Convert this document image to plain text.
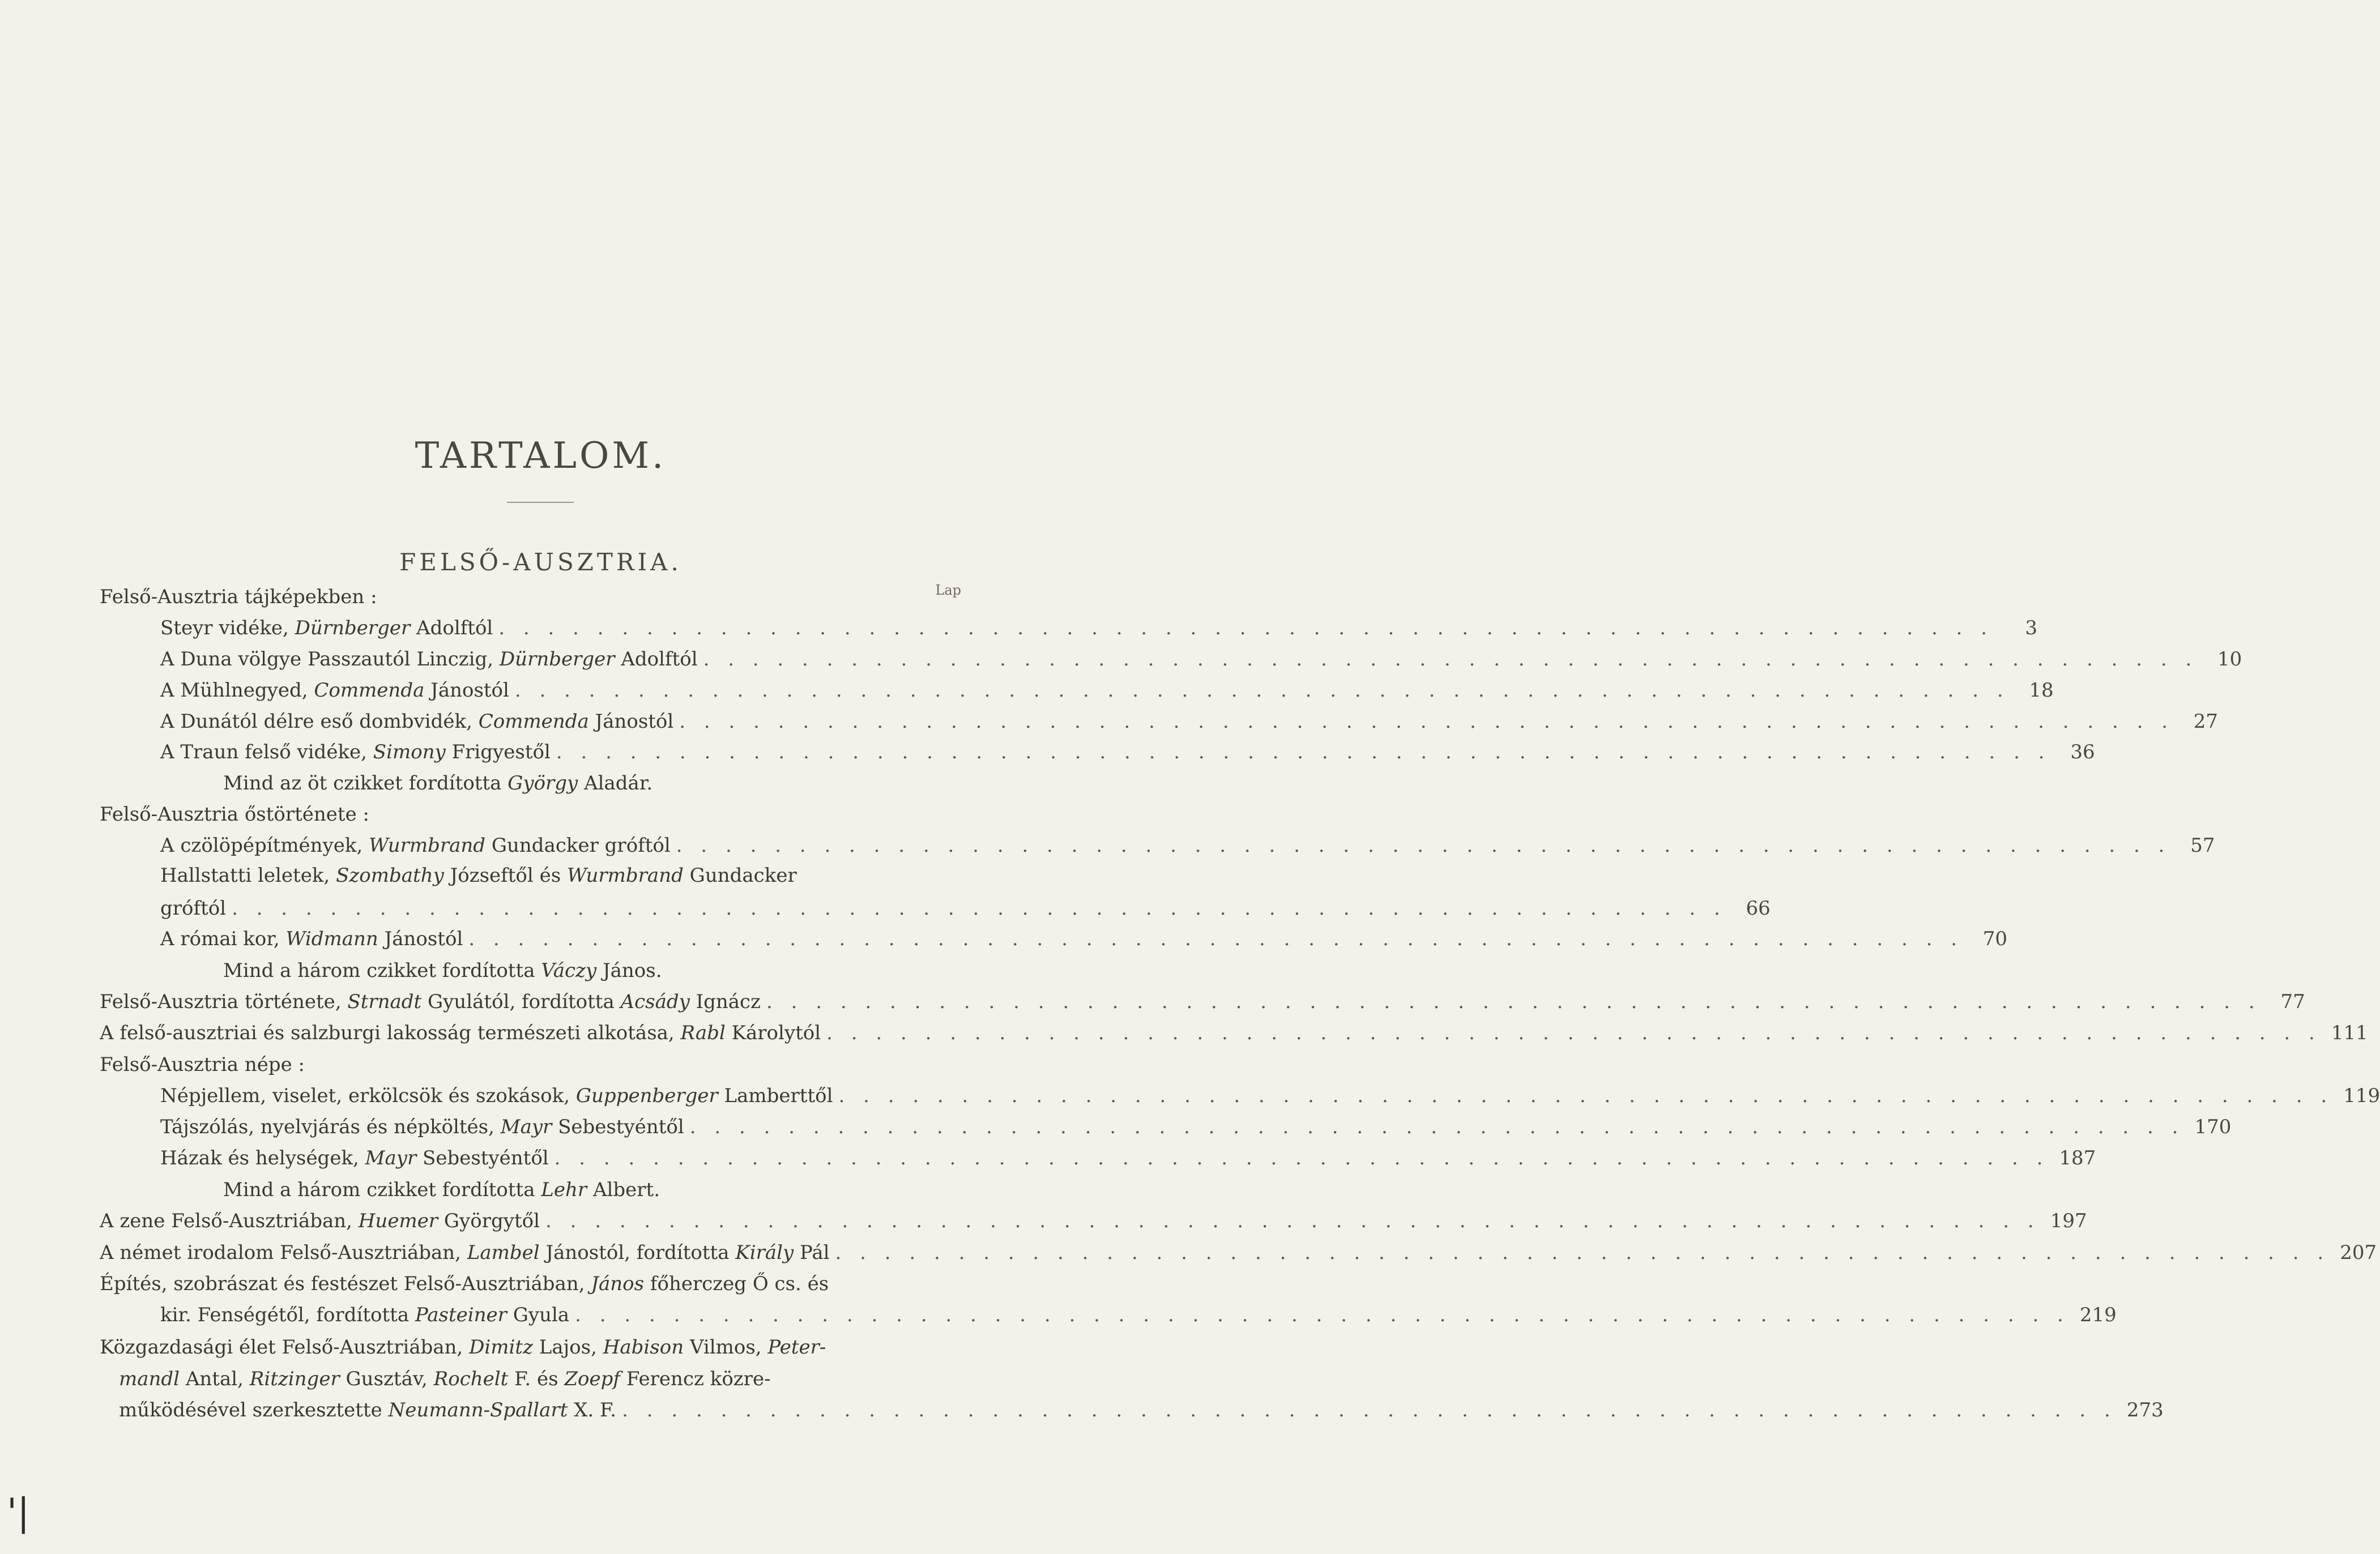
TARTALOM.
FELSŐ-AUSZTRIA.
Lap
Felső-Ausztria tájképekben :
Steyr vidéke, Dürnberger Adolftól . . . . . . . . . . . . . . . . . . . . . . . . . . . . . . . . . . . . . . . . . . . . . . . . . . . . . . . . . . . . .	3
A Duna völgye Passzautól Linczig, Dürnberger Adolftól . . . . . . . . . . . . . . . . . . . . . . . . . . . . . . . . . . . . . . . . . . . . . . . . . . . . . . . . . . . . .	10
A Mühlnegyed, Commenda Jánostól . . . . . . . . . . . . . . . . . . . . . . . . . . . . . . . . . . . . . . . . . . . . . . . . . . . . . . . . . . . . .	18
A Dunától délre eső dombvidék, Commenda Jánostól . . . . . . . . . . . . . . . . . . . . . . . . . . . . . . . . . . . . . . . . . . . . . . . . . . . . . . . . . . . . .	27
A Traun felső vidéke, Simony Frigyestől . . . . . . . . . . . . . . . . . . . . . . . . . . . . . . . . . . . . . . . . . . . . . . . . . . . . . . . . . . . . .	36
Mind az öt czikket fordította György Aladár.
Felső-Ausztria őstörténete :
A czölöpépítmények, Wurmbrand Gundacker gróftól . . . . . . . . . . . . . . . . . . . . . . . . . . . . . . . . . . . . . . . . . . . . . . . . . . . . . . . . . . . . .	57
Hallstatti leletek, Szombathy Józseftől és Wurmbrand Gundacker
gróftól . . . . . . . . . . . . . . . . . . . . . . . . . . . . . . . . . . . . . . . . . . . . . . . . . . . . . . . . . . . . .	66
A római kor, Widmann Jánostól . . . . . . . . . . . . . . . . . . . . . . . . . . . . . . . . . . . . . . . . . . . . . . . . . . . . . . . . . . . . .	70
Mind a három czikket fordította Váczy János.
Felső-Ausztria története, Strnadt Gyulától, fordította Acsády Ignácz . . . . . . . . . . . . . . . . . . . . . . . . . . . . . . . . . . . . . . . . . . . . . . . . . . . . . . . . . . . . .	77
A felső-ausztriai és salzburgi lakosság természeti alkotása, Rabl Károlytól . . . . . . . . . . . . . . . . . . . . . . . . . . . . . . . . . . . . . . . . . . . . . . . . . . . . . . . . . . . . . 111
Felső-Ausztria népe :
Népjellem, viselet, erkölcsök és szokások, Guppenberger Lamberttől . . . . . . . . . . . . . . . . . . . . . . . . . . . . . . . . . . . . . . . . . . . . . . . . . . . . . . . . . . . . . 119
Tájszólás, nyelvjárás és népköltés, Mayr Sebestyéntől . . . . . . . . . . . . . . . . . . . . . . . . . . . . . . . . . . . . . . . . . . . . . . . . . . . . . . . . . . . . . 170
Házak és helységek, Mayr Sebestyéntől . . . . . . . . . . . . . . . . . . . . . . . . . . . . . . . . . . . . . . . . . . . . . . . . . . . . . . . . . . . . . 187
Mind a három czikket fordította Lehr Albert.
A zene Felső-Ausztriában, Huemer Györgytől . . . . . . . . . . . . . . . . . . . . . . . . . . . . . . . . . . . . . . . . . . . . . . . . . . . . . . . . . . . . . 197
A német irodalom Felső-Ausztriában, Lambel Jánostól, fordította Király Pál . . . . . . . . . . . . . . . . . . . . . . . . . . . . . . . . . . . . . . . . . . . . . . . . . . . . . . . . . . . . . 207
Építés, szobrászat és festészet Felső-Ausztriában, János főherczeg Ő cs. és
kir. Fenségétől, fordította Pasteiner Gyula . . . . . . . . . . . . . . . . . . . . . . . . . . . . . . . . . . . . . . . . . . . . . . . . . . . . . . . . . . . . . 219
Közgazdasági élet Felső-Ausztriában, Dimitz Lajos, Habison Vilmos, Peter-
mandl Antal, Ritzinger Gusztáv, Rochelt F. és Zoepf Ferencz közre-
működésével szerkesztette Neumann-Spallart X. F. . . . . . . . . . . . . . . . . . . . . . . . . . . . . . . . . . . . . . . . . . . . . . . . . . . . . . . . . . . . . . 273
'|
